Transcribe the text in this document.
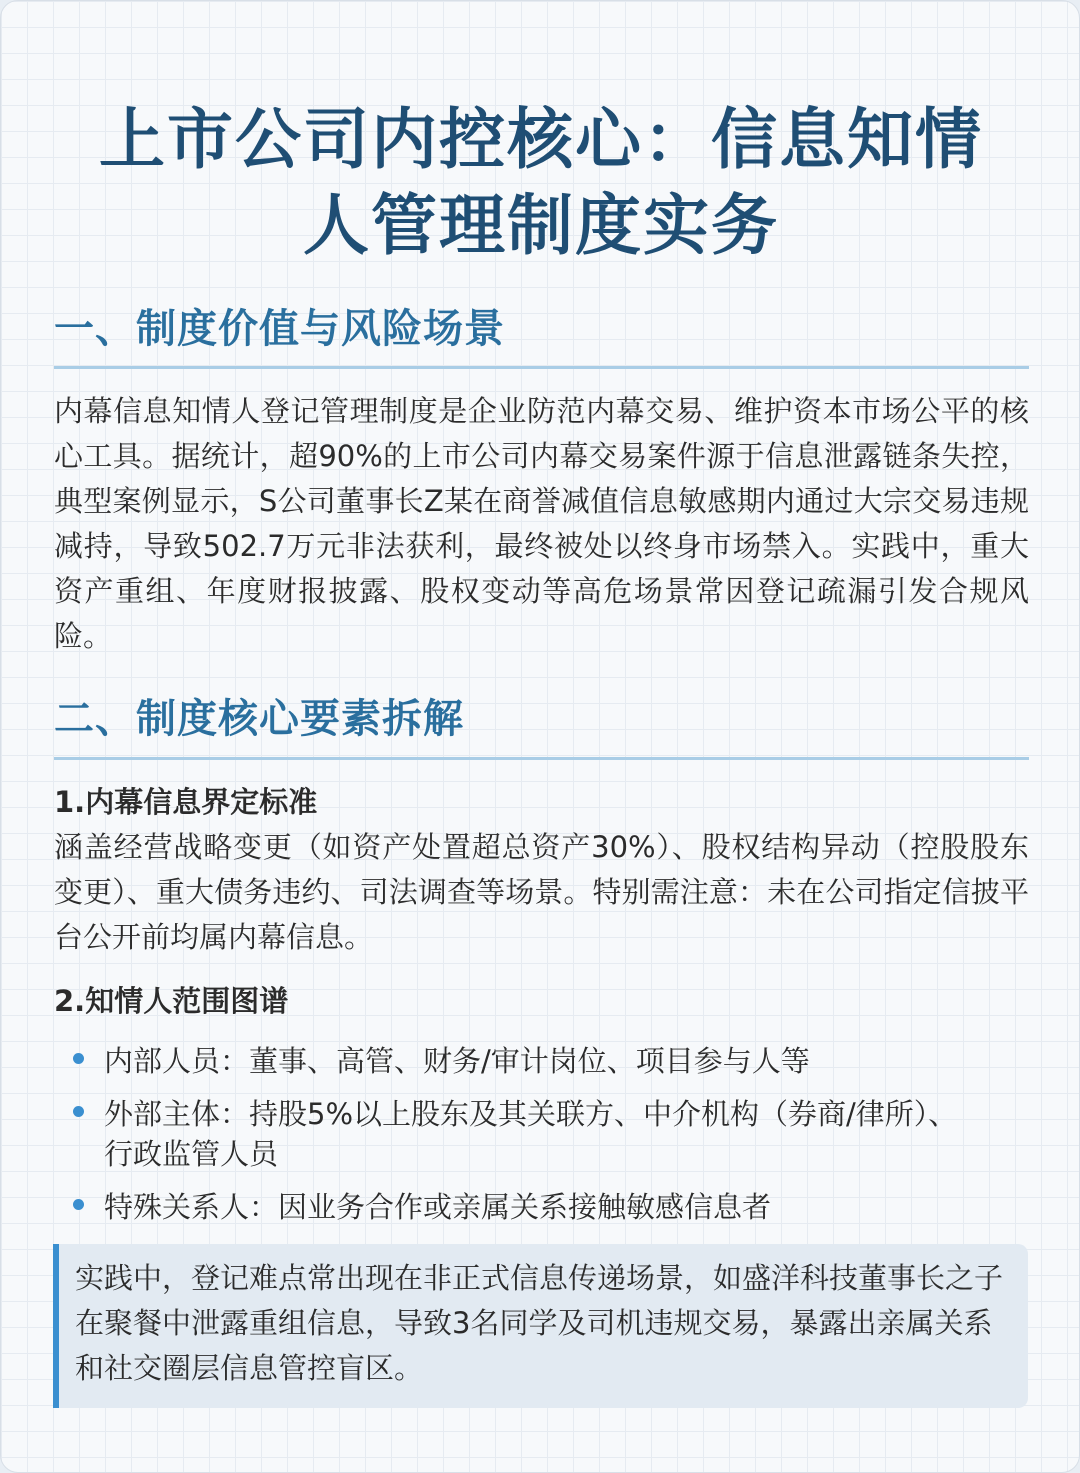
上市公司内控核心：信息知情
人管理制度实务
一、制度价值与风险场景

内幕信息知情人登记管理制度是企业防范内幕交易、维护资本市场公平的核心工具。据统计，超90%的上市公司内幕交易案件源于信息泄露链条失控，典型案例显示，S公司董事长Z某在商誉减值信息敏感期内通过大宗交易违规减持，导致502.7万元非法获利，最终被处以终身市场禁入。实践中，重大资产重组、年度财报披露、股权变动等高危场景常因登记疏漏引发合规风险。

二、制度核心要素拆解
1.内幕信息界定标准

涵盖经营战略变更（如资产处置超总资产30%）、股权结构异动（控股股东变更）、重大债务违约、司法调查等场景。特别需注意：未在公司指定信披平台公开前均属内幕信息。

2.知情人范围图谱
内部人员：董事、高管、财务/审计岗位、项目参与人等
外部主体：持股5%以上股东及其关联方、中介机构（券商/律所）、行政监管人员
特殊关系人：因业务合作或亲属关系接触敏感信息者
实践中，登记难点常出现在非正式信息传递场景，如盛洋科技董事长之子在聚餐中泄露重组信息，导致3名同学及司机违规交易，暴露出亲属关系和社交圈层信息管控盲区。
